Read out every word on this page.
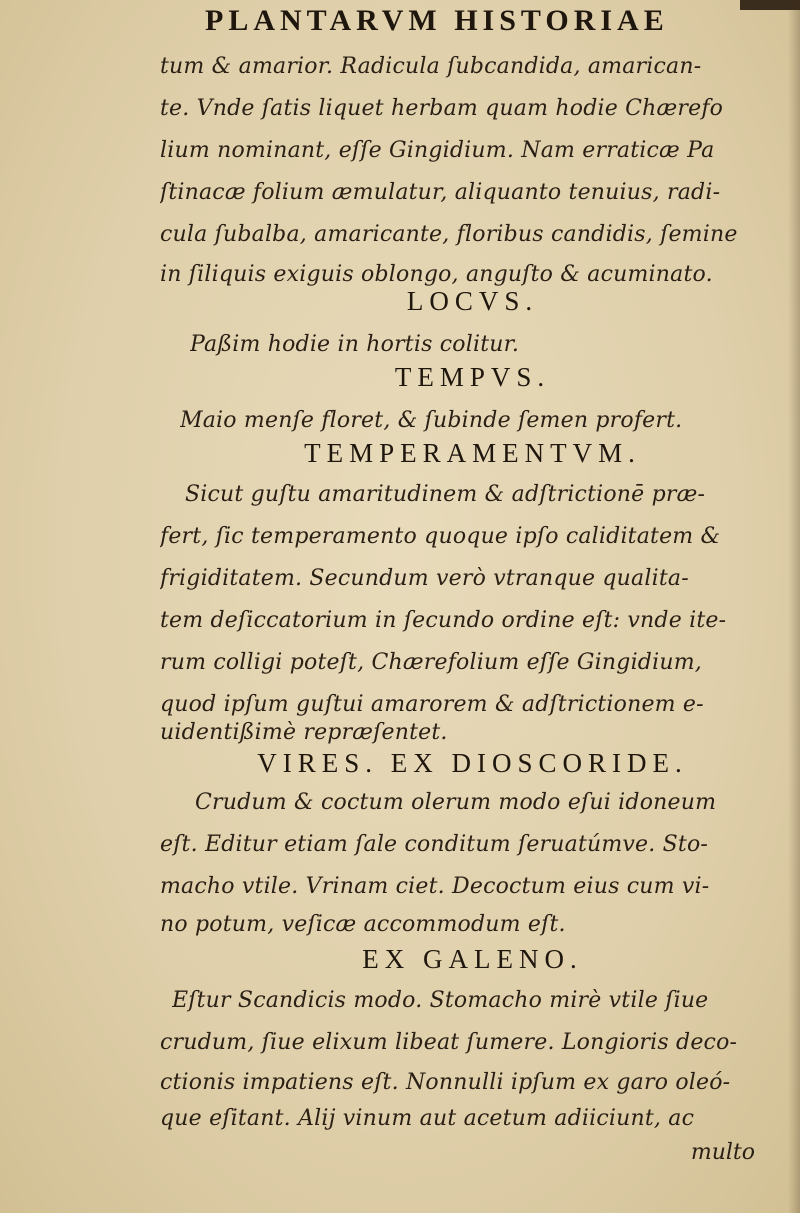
PLANTARVM HISTORIAE
tum & amarior. Radicula ſubcandida, amarican-
te. Vnde ſatis liquet herbam quam hodie Chærefo
lium nominant, eſſe Gingidium. Nam erraticæ Pa
ſtinacæ folium æmulatur, aliquanto tenuius, radi-
cula ſubalba, amaricante, floribus candidis, ſemine
in ſiliquis exiguis oblongo, anguſto & acuminato.
LOCVS.
Paßim hodie in hortis colitur.
TEMPVS.
Maio menſe floret, & ſubinde ſemen profert.
TEMPERAMENTVM.
Sicut guſtu amaritudinem & adſtrictionē præ-
fert, ſic temperamento quoque ipſo caliditatem &
frigiditatem. Secundum verò vtranque qualita-
tem deſiccatorium in ſecundo ordine eſt: vnde ite-
rum colligi poteſt, Chærefolium eſſe Gingidium,
quod ipſum guſtui amarorem & adſtrictionem e-
uidentißimè repræſentet.
VIRES. EX DIOSCORIDE.
Crudum & coctum olerum modo eſui idoneum
eſt. Editur etiam ſale conditum ſeruatúmve. Sto-
macho vtile. Vrinam ciet. Decoctum eius cum vi-
no potum, veſicæ accommodum eſt.
EX GALENO.
Eſtur Scandicis modo. Stomacho mirè vtile ſiue
crudum, ſiue elixum libeat ſumere. Longioris deco-
ctionis impatiens eſt. Nonnulli ipſum ex garo oleó-
que eſitant. Alij vinum aut acetum adiiciunt, ac
multo
